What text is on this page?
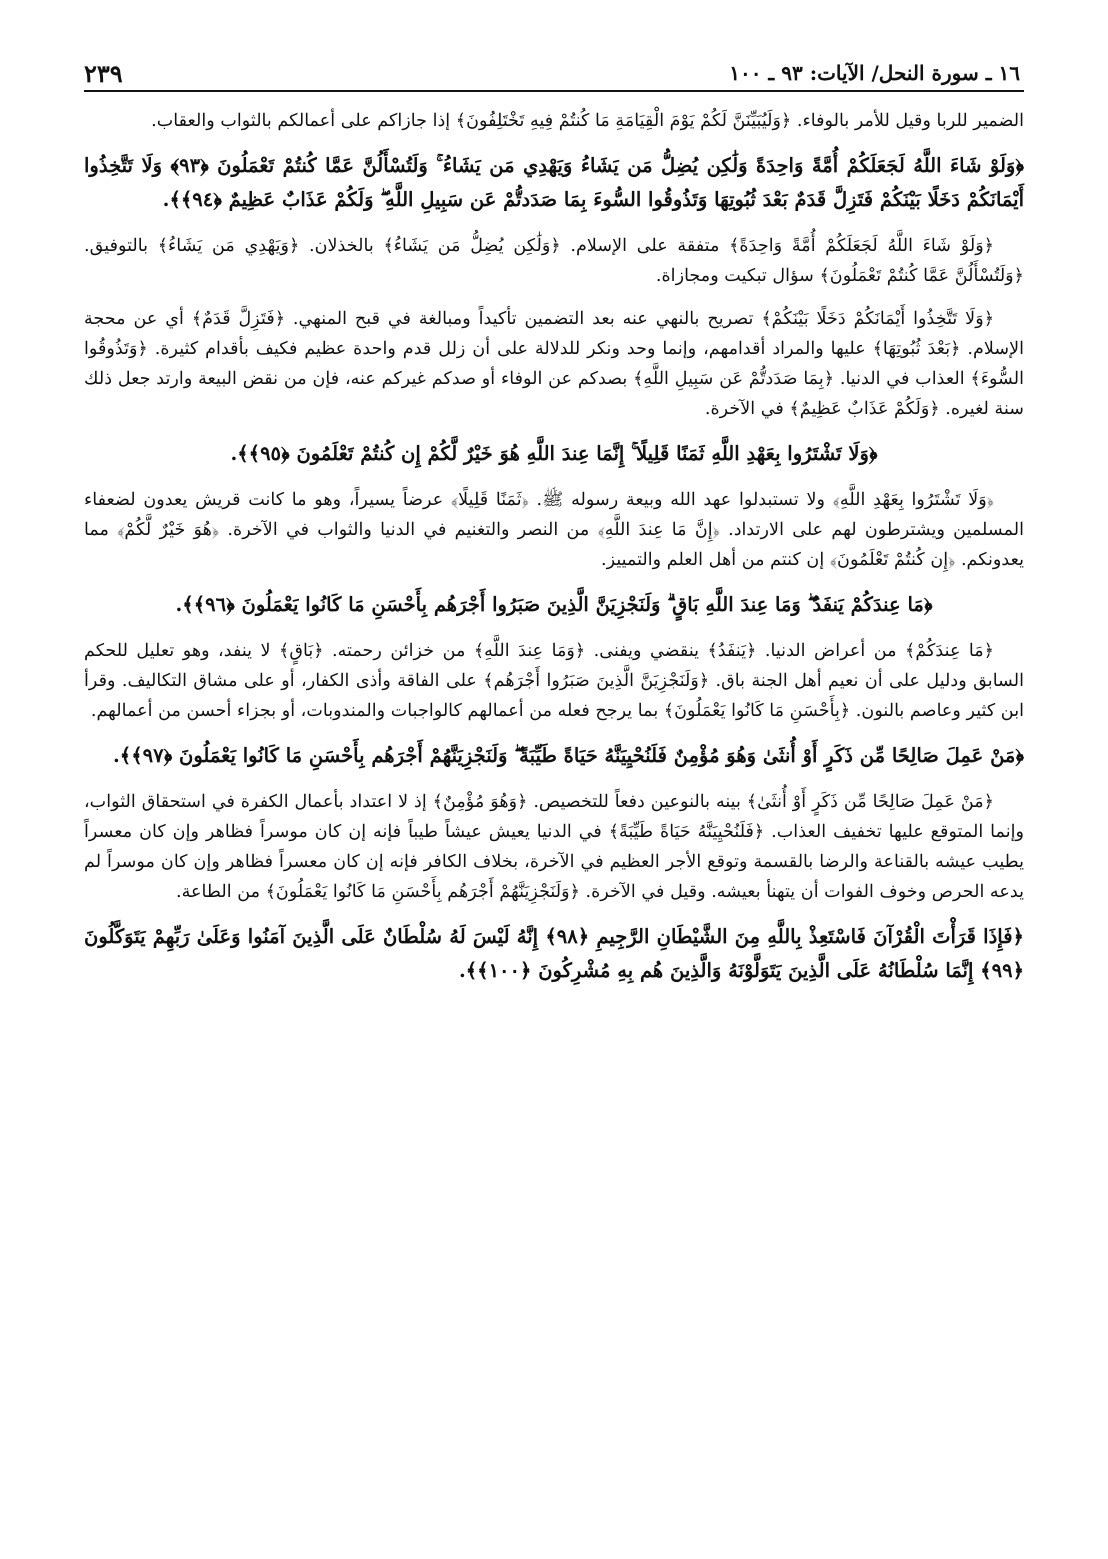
١٦ ـ سورة النحل/ الآيات: ٩٣ ـ ١٠٠
٢٣٩

الضمير للربا وقيل للأمر بالوفاء. ﴿وَلَيُبَيِّنَنَّ لَكُمْ يَوْمَ الْقِيَامَةِ مَا كُنتُمْ فِيهِ تَخْتَلِفُونَ﴾ إذا جازاكم على أعمالكم بالثواب والعقاب.

﴿وَلَوْ شَاءَ اللَّهُ لَجَعَلَكُمْ أُمَّةً وَاحِدَةً وَلَٰكِن يُضِلُّ مَن يَشَاءُ وَيَهْدِي مَن يَشَاءُ ۚ وَلَتُسْأَلُنَّ عَمَّا كُنتُمْ تَعْمَلُونَ ﴿٩٣﴾ وَلَا تَتَّخِذُوا أَيْمَانَكُمْ دَخَلًا بَيْنَكُمْ فَتَزِلَّ قَدَمٌ بَعْدَ ثُبُوتِهَا وَتَذُوقُوا السُّوءَ بِمَا صَدَدتُّمْ عَن سَبِيلِ اللَّهِ ۖ وَلَكُمْ عَذَابٌ عَظِيمٌ ﴿٩٤﴾﴾.

﴿وَلَوْ شَاءَ اللَّهُ لَجَعَلَكُمْ أُمَّةً وَاحِدَةً﴾ متفقة على الإسلام. ﴿وَلَٰكِن يُضِلُّ مَن يَشَاءُ﴾ بالخذلان. ﴿وَيَهْدِي مَن يَشَاءُ﴾ بالتوفيق. ﴿وَلَتُسْأَلُنَّ عَمَّا كُنتُمْ تَعْمَلُونَ﴾ سؤال تبكيت ومجازاة.

﴿وَلَا تَتَّخِذُوا أَيْمَانَكُمْ دَخَلًا بَيْنَكُمْ﴾ تصريح بالنهي عنه بعد التضمين تأكيداً ومبالغة في قبح المنهي. ﴿فَتَزِلَّ قَدَمٌ﴾ أي عن محجة الإسلام. ﴿بَعْدَ ثُبُوتِهَا﴾ عليها والمراد أقدامهم، وإنما وحد ونكر للدلالة على أن زلل قدم واحدة عظيم فكيف بأقدام كثيرة. ﴿وَتَذُوقُوا السُّوءَ﴾ العذاب في الدنيا. ﴿بِمَا صَدَدتُّمْ عَن سَبِيلِ اللَّهِ﴾ بصدكم عن الوفاء أو صدكم غيركم عنه، فإن من نقض البيعة وارتد جعل ذلك سنة لغيره. ﴿وَلَكُمْ عَذَابٌ عَظِيمٌ﴾ في الآخرة.

﴿وَلَا تَشْتَرُوا بِعَهْدِ اللَّهِ ثَمَنًا قَلِيلًا ۚ إِنَّمَا عِندَ اللَّهِ هُوَ خَيْرٌ لَّكُمْ إِن كُنتُمْ تَعْلَمُونَ ﴿٩٥﴾﴾.

﴿وَلَا تَشْتَرُوا بِعَهْدِ اللَّهِ﴾ ولا تستبدلوا عهد الله وبيعة رسوله ﷺ. ﴿ثَمَنًا قَلِيلًا﴾ عرضاً يسيراً، وهو ما كانت قريش يعدون لضعفاء المسلمين ويشترطون لهم على الارتداد. ﴿إِنَّ مَا عِندَ اللَّهِ﴾ من النصر والتغنيم في الدنيا والثواب في الآخرة. ﴿هُوَ خَيْرٌ لَّكُمْ﴾ مما يعدونكم. ﴿إِن كُنتُمْ تَعْلَمُونَ﴾ إن كنتم من أهل العلم والتمييز.

﴿مَا عِندَكُمْ يَنفَدُ ۖ وَمَا عِندَ اللَّهِ بَاقٍ ۗ وَلَنَجْزِيَنَّ الَّذِينَ صَبَرُوا أَجْرَهُم بِأَحْسَنِ مَا كَانُوا يَعْمَلُونَ ﴿٩٦﴾﴾.

﴿مَا عِندَكُمْ﴾ من أعراض الدنيا. ﴿يَنفَدُ﴾ ينقضي ويفنى. ﴿وَمَا عِندَ اللَّهِ﴾ من خزائن رحمته. ﴿بَاقٍ﴾ لا ينفد، وهو تعليل للحكم السابق ودليل على أن نعيم أهل الجنة باق. ﴿وَلَنَجْزِيَنَّ الَّذِينَ صَبَرُوا أَجْرَهُم﴾ على الفاقة وأذى الكفار، أو على مشاق التكاليف. وقرأ ابن كثير وعاصم بالنون. ﴿بِأَحْسَنِ مَا كَانُوا يَعْمَلُونَ﴾ بما يرجح فعله من أعمالهم كالواجبات والمندوبات، أو بجزاء أحسن من أعمالهم.

﴿مَنْ عَمِلَ صَالِحًا مِّن ذَكَرٍ أَوْ أُنثَىٰ وَهُوَ مُؤْمِنٌ فَلَنُحْيِيَنَّهُ حَيَاةً طَيِّبَةً ۖ وَلَنَجْزِيَنَّهُمْ أَجْرَهُم بِأَحْسَنِ مَا كَانُوا يَعْمَلُونَ ﴿٩٧﴾﴾.

﴿مَنْ عَمِلَ صَالِحًا مِّن ذَكَرٍ أَوْ أُنثَىٰ﴾ بينه بالنوعين دفعاً للتخصيص. ﴿وَهُوَ مُؤْمِنٌ﴾ إذ لا اعتداد بأعمال الكفرة في استحقاق الثواب، وإنما المتوقع عليها تخفيف العذاب. ﴿فَلَنُحْيِيَنَّهُ حَيَاةً طَيِّبَةً﴾ في الدنيا يعيش عيشاً طيباً فإنه إن كان موسراً فظاهر وإن كان معسراً يطيب عيشه بالقناعة والرضا بالقسمة وتوقع الأجر العظيم في الآخرة، بخلاف الكافر فإنه إن كان معسراً فظاهر وإن كان موسراً لم يدعه الحرص وخوف الفوات أن يتهنأ بعيشه. وقيل في الآخرة. ﴿وَلَنَجْزِيَنَّهُمْ أَجْرَهُم بِأَحْسَنِ مَا كَانُوا يَعْمَلُونَ﴾ من الطاعة.

﴿فَإِذَا قَرَأْتَ الْقُرْآنَ فَاسْتَعِذْ بِاللَّهِ مِنَ الشَّيْطَانِ الرَّجِيمِ ﴿٩٨﴾ إِنَّهُ لَيْسَ لَهُ سُلْطَانٌ عَلَى الَّذِينَ آمَنُوا وَعَلَىٰ رَبِّهِمْ يَتَوَكَّلُونَ ﴿٩٩﴾ إِنَّمَا سُلْطَانُهُ عَلَى الَّذِينَ يَتَوَلَّوْنَهُ وَالَّذِينَ هُم بِهِ مُشْرِكُونَ ﴿١٠٠﴾﴾.
